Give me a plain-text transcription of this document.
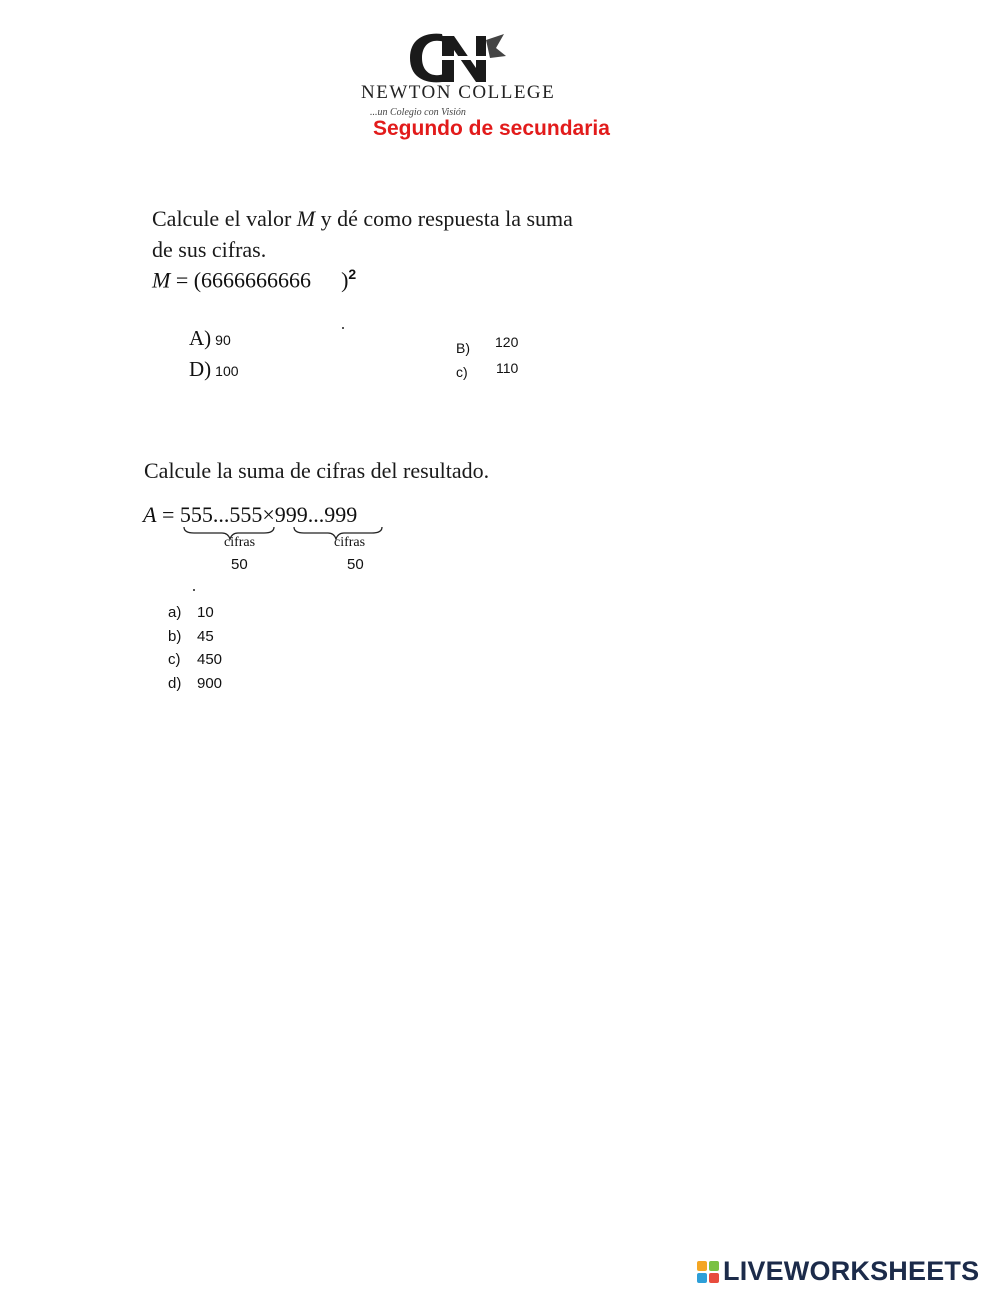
NEWTON COLLEGE
...un Colegio con Visión
Segundo de secundaria
Calcule el valor M y dé como respuesta la suma
de sus cifras.
M = (6666666666 )$^2$
A) 90
D) 100
B) 120
c) 110
Calcule la suma de cifras del resultado.
A = 555...555×999...999
cifras	cifras
50	50
a)	10
b)	45
c)	450
d)	900
LIVEWORKSHEETS
